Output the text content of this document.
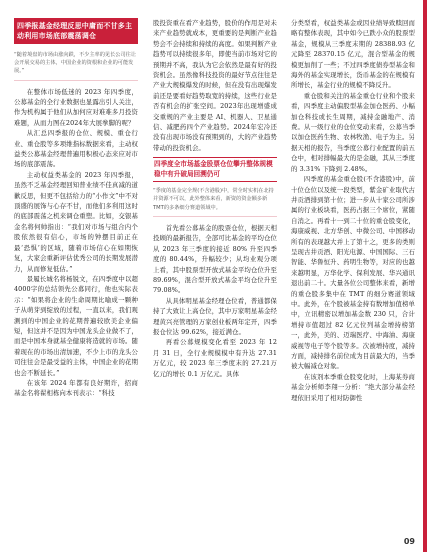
四季报基金经理反思中庸而不甘多主动利用市场底部震荡调仓
“随着境盘的市场由涨向跌，不少主率的见长公司往让会开展交易的主体，中国企业的资根和企业的可能发展。”

在整体市场低迷的 2023 年四季度，公募基金的全行业数据也显露出引人关注，作为机构属于他们从加何应对难难多月投资难题，从而力图在2024年大展拳脚的呢？

从汇总四季报的仓位、规模、重仓行业、重仓股等多项维指标数据来看，主动权益类公募基金经理普遍用积极心态来应对市场的底部震荡。

主动权益类基金的 2023 年四季报，虽然不乏基金经理回知普业绩不佳真减的道歉反思，但更不包括给力的“小作文”中不对顶盛的展饰与心存不甘，而他们多利用这时的底部震荡之机来调仓重塑。比如，交银基金名将何帅指出：“我们对市场与组合内个股依然很有信心，市场的钟摆目前正在最‘恐惧’的区域，随着市场信心在如期恢复，大家会重新评估优秀公司的长期发展潜力，从而修复低估。”

景履长城名将杨锐文，在四季度中以超4000字的总结领先公募同行，他也实际表示：“如果将企业的生命周期比喻成一颗种子从萌芽到绽放的过程，一直以来，我们观测到的中国企业的花期普遍较欧美企业偏短，但这并不是因为中国龙头企业做不了，而是中国本身就基全健康将造就的市场。随着现在的市场出清加速，不少上市的龙头公司往往会是最受益的主体，中国企业的花期也会不断延长。”

在该年 2024 年都有良好期许，招商基金名将翟相栋向本刊表示：“科技

股投资重在看产业趋势，股价的作用是对未来产业趋势就成本，更重要的是判断产业趋势会不会持续和持续的高度。如果判断产业趋势可以持续很多年，即使当前市场对它的预期并不高，我认为它会依然是最有好的投资机会。虽然像科技投资的最好节点往往是产业大规模爆发的时候，但在没有出现爆发前还是要看好趋势取宽的持续，这些行业是否有机会的扩张空间。2023年出现增盛成交重规的产业主要是 AI、机器人、卫星通信、减肥药四个产业趋势。2024年宏冷还没有出现市场没有预期到的，大的产业趋势带动的投资机会。

四季度全市场基金股票仓位攀升整体规模稳中有升破局回溯仍可
“季度的基金完全规(不含港股)中，常全时实机在北持并资源不可以，此外整体来看，新资的资金额多新TMT的多条细分赛道领域中。

首先看公募基金的股票仓位，根据天相投顾的最新报告，全部可比基金的平均仓位从 2023 年三季度的接近 80% 升至四季度的 80.44%，升幅较少；从均业观分项上看，其中股票型开放式基金平均仓位升至 89.69%，混合型开放式基金平均仓位升至 79.08%。

从具体明星基金经理仓位看，普通都保持了大致让上高仓位，其中万家明星基金经理黄兴亮管理的万家创业板两年定开，四季报仓位达 99.62%，接近满仓。

再看公募规模变化看至 2023 年 12 月 31 日，全行业规模模中有升达 27.31 万亿元，较 2023 年三季度末的 27.21万亿元的增长 0.1 万亿元。具体

分类型看，权益类基金或因业绩导致赎回而略有整体表现，其中如今已跌小众的股票型基金，规模从三季度末期的 28388.93 亿元降至 28370.15 亿元，混合型基金的规模更加削了一些；不过四季度债券型基金和海外的基金实现增长，货币基金的在规模有所增长，基金行业的规模不降反升。

重仓股和关注的基金重仓行业和个股来看，四季度主动偏股型基金加仓医药、小幅加仓科技或长生周期，减持金融地产、消费。从一级行业的仓位变动来看，公募当季以加仓医药生物、农林牧渔、电子为主。另据天相的报告，当季度公募行业配置的前五仓中，相对排幅最大的是金融，其从三季度的 3.31% 下降到 2.48%。

四季度的基金重仓股(不含港股)中，前十位仓位以及统一段类型，紫金矿业取代古井贡酒排到第十位；进一步从十家公司所涉属的行业板块看，医药占据三个席位，紧随自消之。再看十一到二十位的重仓股变化，海康威视、北方华创、中微公司、中国移动所有的表现越大并上了第十之，更多的类则呈现古井贡酒、阳光电源、中国国际、三石智能、华鲁恒升、药明生物等，对应的也越来越明显，万华化学、保利发展、华兴通讯退出前二十。大量各位公司整体来看，新增的重仓股多集中在 TMT 的细分赛道领域中。此外，在个股被基金持有数增加值榜单中，立讯精密以增加基金数 230 只，合计增持市值超过 82 亿元位列基金增持榜第一，此外，美的、迈瑞医疗、中海油、海康威视等电子等个股等多。次被增持度，减持方面，减持排名前位成为目前最大的，当季被大幅减仓对象。

在该剂本季重仓股变化时，上海某券商基金分析师李翔一分析：“绝大部分基金经理依旧采用了相对防御性

09
